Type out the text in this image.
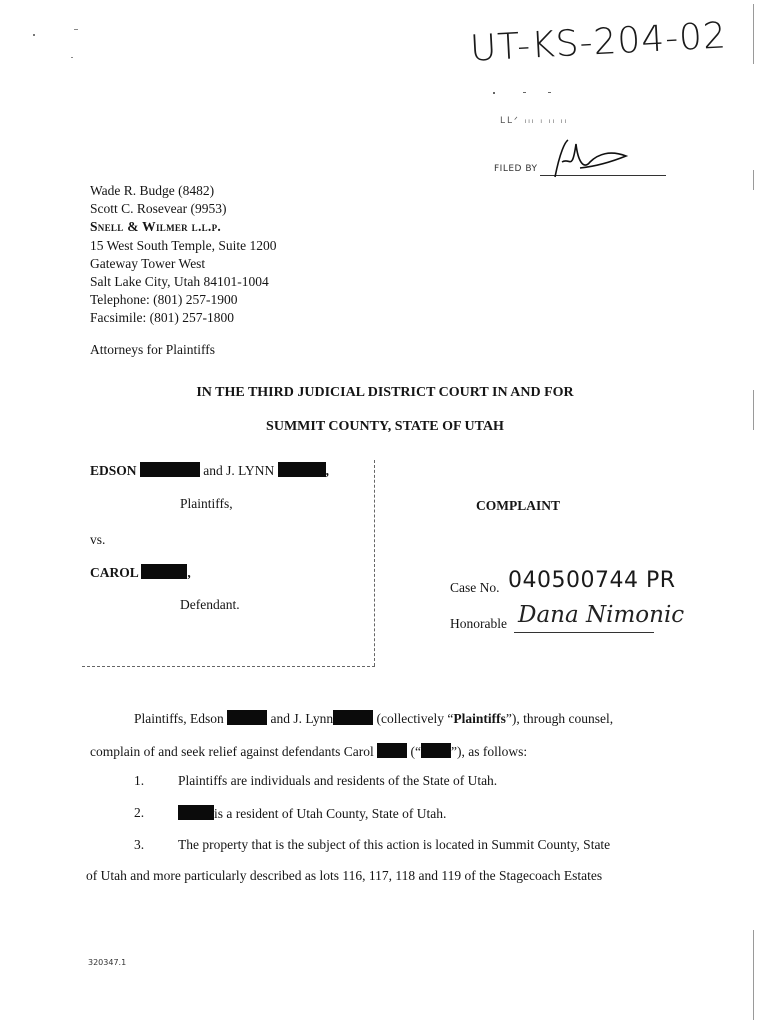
UT-KS-204-02
ᒪᒪᐟ ᵢᵢᵢ ᵢ ᵢᵢ ᵢᵢ
FILED BY
Wade R. Budge (8482)
Scott C. Rosevear (9953)
Snell & Wilmer l.l.p.
15 West South Temple, Suite 1200
Gateway Tower West
Salt Lake City, Utah 84101-1004
Telephone: (801) 257-1900
Facsimile: (801) 257-1800
Attorneys for Plaintiffs
IN THE THIRD JUDICIAL DISTRICT COURT IN AND FOR
SUMMIT COUNTY, STATE OF UTAH
EDSON	and J. LYNN	,
Plaintiffs,
vs.
CAROL	,
Defendant.
COMPLAINT
Case No. 040500744 PR
Honorable Dana Nimonic
Plaintiffs, Edson	and J. Lynn	(collectively “Plaintiffs”), through counsel,
complain of and seek relief against defendants Carol	(“ ”), as follows:
1.	Plaintiffs are individuals and residents of the State of Utah.
2.	is a resident of Utah County, State of Utah.
3.	The property that is the subject of this action is located in Summit County, State
of Utah and more particularly described as lots 116, 117, 118 and 119 of the Stagecoach Estates
320347.1
